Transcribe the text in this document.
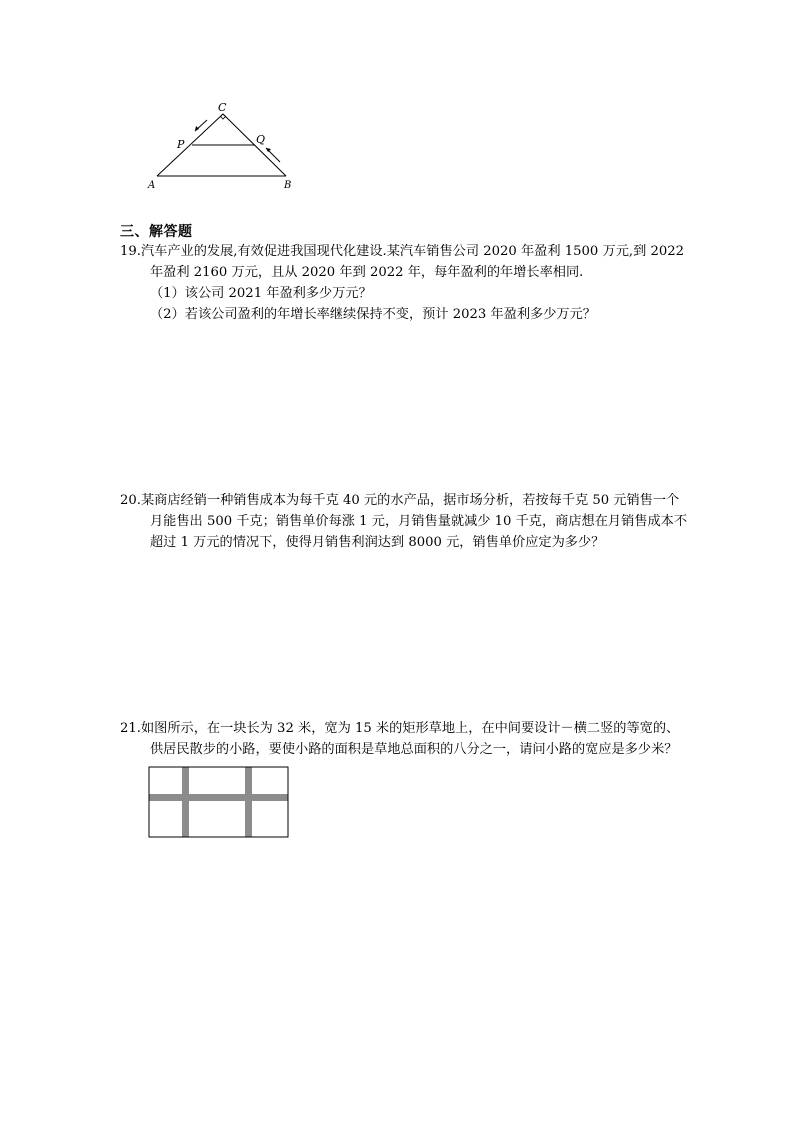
C
P	Q
A	B
三、解答题
19.汽车产业的发展,有效促进我国现代化建设.某汽车销售公司 2020 年盈利 1500 万元,到 2022
年盈利 2160 万元，且从 2020 年到 2022 年，每年盈利的年增长率相同.
（1）该公司 2021 年盈利多少万元？
（2）若该公司盈利的年增长率继续保持不变，预计 2023 年盈利多少万元？
20.某商店经销一种销售成本为每千克 40 元的水产品，据市场分析，若按每千克 50 元销售一个
月能售出 500 千克；销售单价每涨 1 元，月销售量就减少 10 千克，商店想在月销售成本不
超过 1 万元的情况下，使得月销售利润达到 8000 元，销售单价应定为多少？
21.如图所示，在一块长为 32 米，宽为 15 米的矩形草地上，在中间要设计－横二竖的等宽的、
供居民散步的小路，要使小路的面积是草地总面积的八分之一，请问小路的宽应是多少米？
